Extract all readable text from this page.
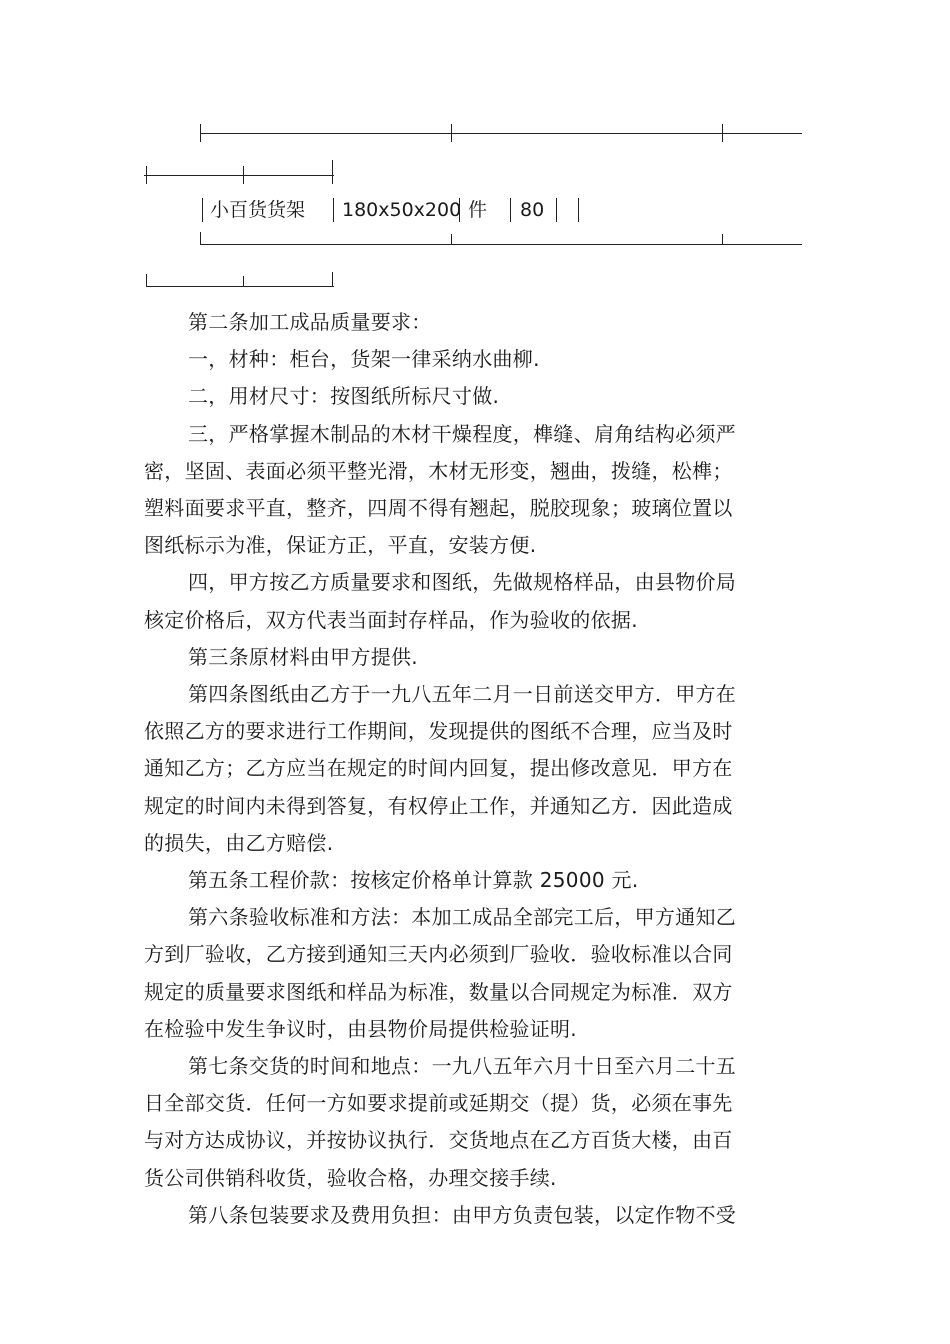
小百货货架 180x50x200 件 80
第二条加工成品质量要求：
一，材种：柜台，货架一律采纳水曲柳.
二，用材尺寸：按图纸所标尺寸做.
三，严格掌握木制品的木材干燥程度，榫缝、肩角结构必须严
密，坚固、表面必须平整光滑，木材无形变，翘曲，拨缝，松榫；
塑料面要求平直，整齐，四周不得有翘起，脱胶现象；玻璃位置以
图纸标示为准，保证方正，平直，安装方便.
四，甲方按乙方质量要求和图纸，先做规格样品，由县物价局
核定价格后，双方代表当面封存样品，作为验收的依据.
第三条原材料由甲方提供.
第四条图纸由乙方于一九八五年二月一日前送交甲方．甲方在
依照乙方的要求进行工作期间，发现提供的图纸不合理，应当及时
通知乙方；乙方应当在规定的时间内回复，提出修改意见．甲方在
规定的时间内未得到答复，有权停止工作，并通知乙方．因此造成
的损失，由乙方赔偿.
第五条工程价款：按核定价格单计算款 25000 元.
第六条验收标准和方法：本加工成品全部完工后，甲方通知乙
方到厂验收，乙方接到通知三天内必须到厂验收．验收标准以合同
规定的质量要求图纸和样品为标准，数量以合同规定为标准．双方
在检验中发生争议时，由县物价局提供检验证明.
第七条交货的时间和地点：一九八五年六月十日至六月二十五
日全部交货．任何一方如要求提前或延期交（提）货，必须在事先
与对方达成协议，并按协议执行．交货地点在乙方百货大楼，由百
货公司供销科收货，验收合格，办理交接手续.
第八条包装要求及费用负担：由甲方负责包装，以定作物不受
